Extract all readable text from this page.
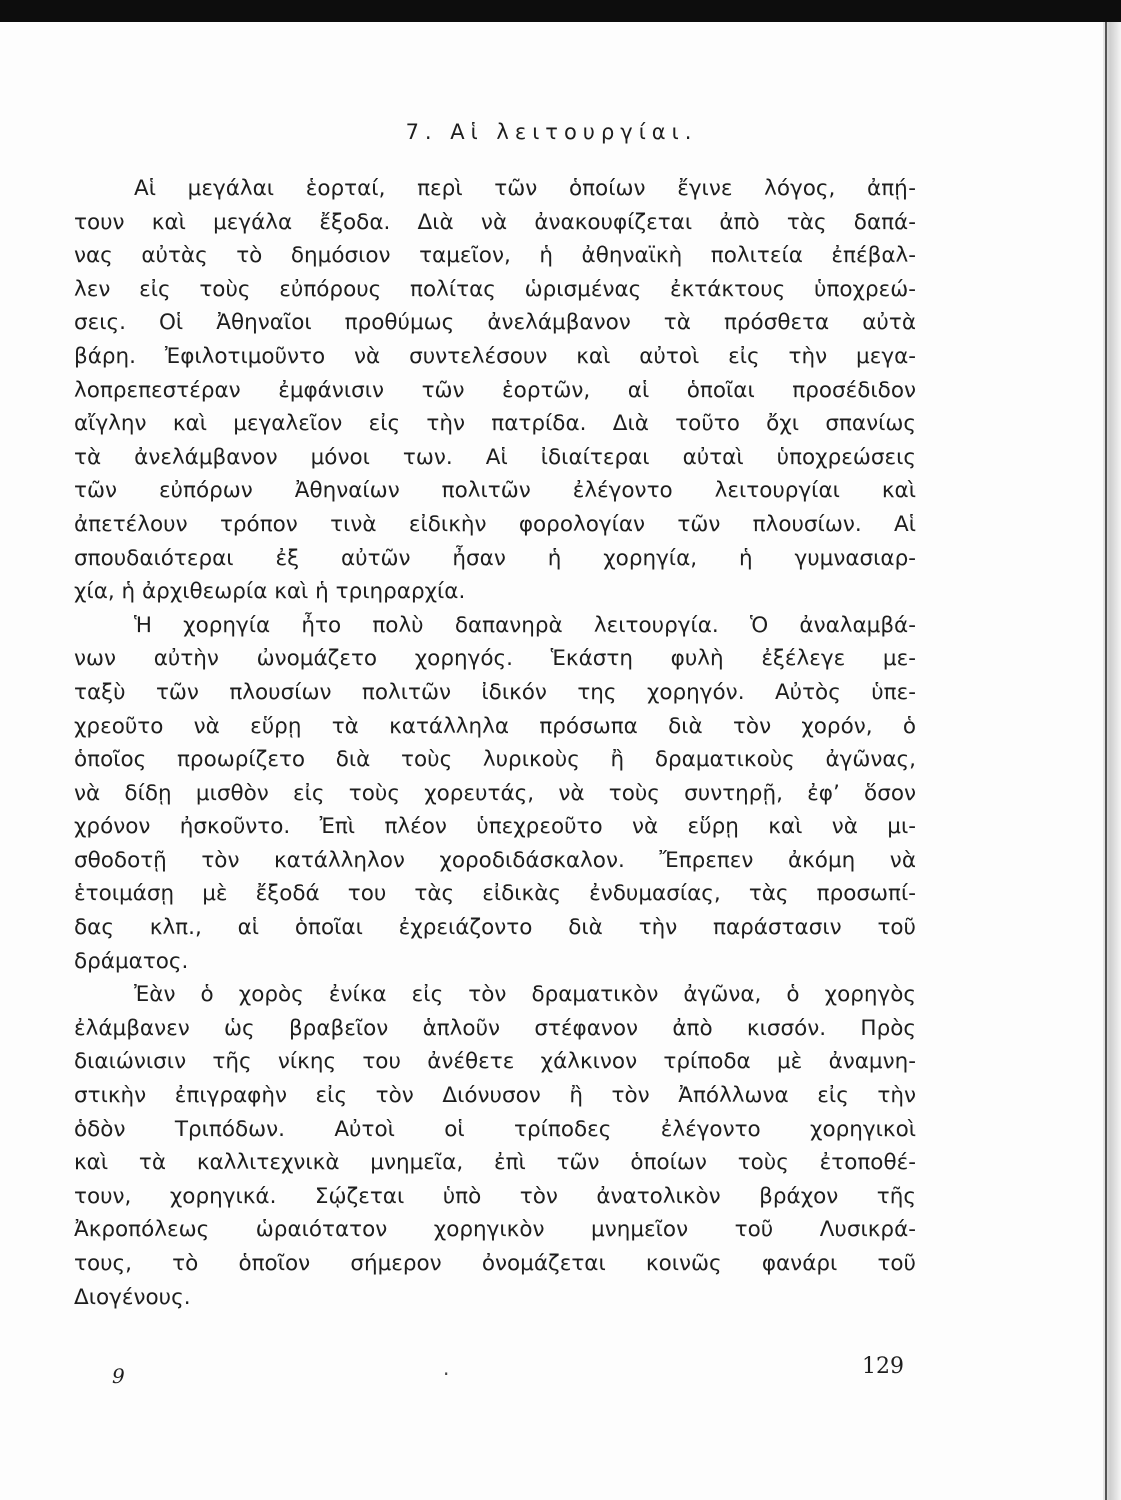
7. Αἱ λειτουργίαι.
Αἱ μεγάλαι ἑορταί, περὶ τῶν ὁποίων ἔγινε λόγος, ἀπῄ-
τουν καὶ μεγάλα ἔξοδα. Διὰ νὰ ἀνακουφίζεται ἀπὸ τὰς δαπά-
νας αὐτὰς τὸ δημόσιον ταμεῖον, ἡ ἀθηναϊκὴ πολιτεία ἐπέβαλ-
λεν εἰς τοὺς εὐπόρους πολίτας ὡρισμένας ἐκτάκτους ὑποχρεώ-
σεις. Οἱ Ἀθηναῖοι προθύμως ἀνελάμβανον τὰ πρόσθετα αὐτὰ
βάρη. Ἐφιλοτιμοῦντο νὰ συντελέσουν καὶ αὐτοὶ εἰς τὴν μεγα-
λοπρεπεστέραν ἐμφάνισιν τῶν ἑορτῶν, αἱ ὁποῖαι προσέδιδον
αἴγλην καὶ μεγαλεῖον εἰς τὴν πατρίδα. Διὰ τοῦτο ὄχι σπανίως
τὰ ἀνελάμβανον μόνοι των. Αἱ ἰδιαίτεραι αὐταὶ ὑποχρεώσεις
τῶν εὐπόρων Ἀθηναίων πολιτῶν ἐλέγοντο λειτουργίαι καὶ
ἀπετέλουν τρόπον τινὰ εἰδικὴν φορολογίαν τῶν πλουσίων. Αἱ
σπουδαιότεραι ἐξ αὐτῶν ἦσαν ἡ χορηγία, ἡ γυμνασιαρ-
χία, ἡ ἀρχιθεωρία καὶ ἡ τριηραρχία.
Ἡ χορηγία ἦτο πολὺ δαπανηρὰ λειτουργία. Ὁ ἀναλαμβά-
νων αὐτὴν ὠνομάζετο χορηγός. Ἑκάστη φυλὴ ἐξέλεγε με-
ταξὺ τῶν πλουσίων πολιτῶν ἰδικόν της χορηγόν. Αὐτὸς ὑπε-
χρεοῦτο νὰ εὕρῃ τὰ κατάλληλα πρόσωπα διὰ τὸν χορόν, ὁ
ὁποῖος προωρίζετο διὰ τοὺς λυρικοὺς ἢ δραματικοὺς ἀγῶνας,
νὰ δίδῃ μισθὸν εἰς τοὺς χορευτάς, νὰ τοὺς συντηρῇ, ἐφ’ ὅσον
χρόνον ἠσκοῦντο. Ἐπὶ πλέον ὑπεχρεοῦτο νὰ εὕρῃ καὶ νὰ μι-
σθοδοτῇ τὸν κατάλληλον χοροδιδάσκαλον. Ἔπρεπεν ἀκόμη νὰ
ἑτοιμάσῃ μὲ ἔξοδά του τὰς εἰδικὰς ἐνδυμασίας, τὰς προσωπί-
δας κλπ., αἱ ὁποῖαι ἐχρειάζοντο διὰ τὴν παράστασιν τοῦ
δράματος.
Ἐὰν ὁ χορὸς ἐνίκα εἰς τὸν δραματικὸν ἀγῶνα, ὁ χορηγὸς
ἐλάμβανεν ὡς βραβεῖον ἁπλοῦν στέφανον ἀπὸ κισσόν. Πρὸς
διαιώνισιν τῆς νίκης του ἀνέθετε χάλκινον τρίποδα μὲ ἀναμνη-
στικὴν ἐπιγραφὴν εἰς τὸν Διόνυσον ἢ τὸν Ἀπόλλωνα εἰς τὴν
ὁδὸν Τριπόδων. Αὐτοὶ οἱ τρίποδες ἐλέγοντο χορηγικοὶ
καὶ τὰ καλλιτεχνικὰ μνημεῖα, ἐπὶ τῶν ὁποίων τοὺς ἐτοποθέ-
τουν, χορηγικά. Σῴζεται ὑπὸ τὸν ἀνατολικὸν βράχον τῆς
Ἀκροπόλεως ὡραιότατον χορηγικὸν μνημεῖον τοῦ Λυσικρά-
τους, τὸ ὁποῖον σήμερον ὀνομάζεται κοινῶς φανάρι τοῦ
Διογένους.
9	·	129
